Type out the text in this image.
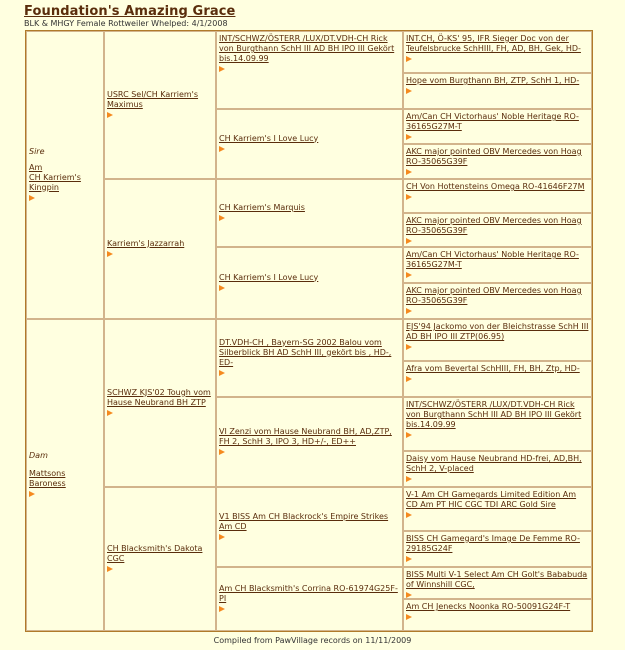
Foundation's Amazing Grace
BLK & MHGY Female Rottweiler Whelped: 4/1/2008
Sire
Am
CH Karriem's
Kingpin
Dam
Mattsons
Baroness
USRC Sel/CH Karriem's Maximus
Karriem's Jazzarrah
SCHWZ KJS'02 Tough vom Hause Neubrand BH ZTP
CH Blacksmith's Dakota CGC
INT/SCHWZ/ÖSTERR /LUX/DT.VDH-CH Rick von Burgthann SchH III AD BH IPO III Gekört bis.14.09.99
CH Karriem's I Love Lucy
CH Karriem's Marquis
CH Karriem's I Love Lucy
DT.VDH-CH , Bayern-SG 2002 Balou vom Silberblick BH AD SchH III, gekört bis , HD-, ED-
VI Zenzi vom Hause Neubrand BH, AD,ZTP, FH 2, SchH 3, IPO 3, HD+/-, ED++
V1 BISS Am CH Blackrock's Empire Strikes Am CD
Am CH Blacksmith's Corrina RO-61974G25F-PI
INT.CH, Ö-KS' 95, IFR Sieger Doc von der Teufelsbrucke SchHIII, FH, AD, BH, Gek, HD-
Hope vom Burgthann BH, ZTP, SchH 1, HD-
Am/Can CH Victorhaus' Noble Heritage RO-36165G27M-T
AKC major pointed OBV Mercedes von Hoag RO-35065G39F
CH Von Hottensteins Omega RO-41646F27M
AKC major pointed OBV Mercedes von Hoag RO-35065G39F
Am/Can CH Victorhaus' Noble Heritage RO-36165G27M-T
AKC major pointed OBV Mercedes von Hoag RO-35065G39F
EJS'94 Jackomo von der Bleichstrasse SchH III AD BH IPO III ZTP(06.95)
Afra vom Bevertal SchHIII, FH, BH, Ztp, HD-
INT/SCHWZ/ÖSTERR /LUX/DT.VDH-CH Rick von Burgthann SchH III AD BH IPO III Gekört bis.14.09.99
Daisy vom Hause Neubrand HD-frei, AD,BH, SchH 2, V-placed
V-1 Am CH Gamegards Limited Edition Am CD Am PT HIC CGC TDI ARC Gold Sire
BISS CH Gamegard's Image De Femme RO-29185G24F
BISS Multi V-1 Select Am CH Golt's Bababuda of Winnshill CGC,
Am CH Jenecks Noonka RO-50091G24F-T
Compiled from PawVillage records on 11/11/2009
